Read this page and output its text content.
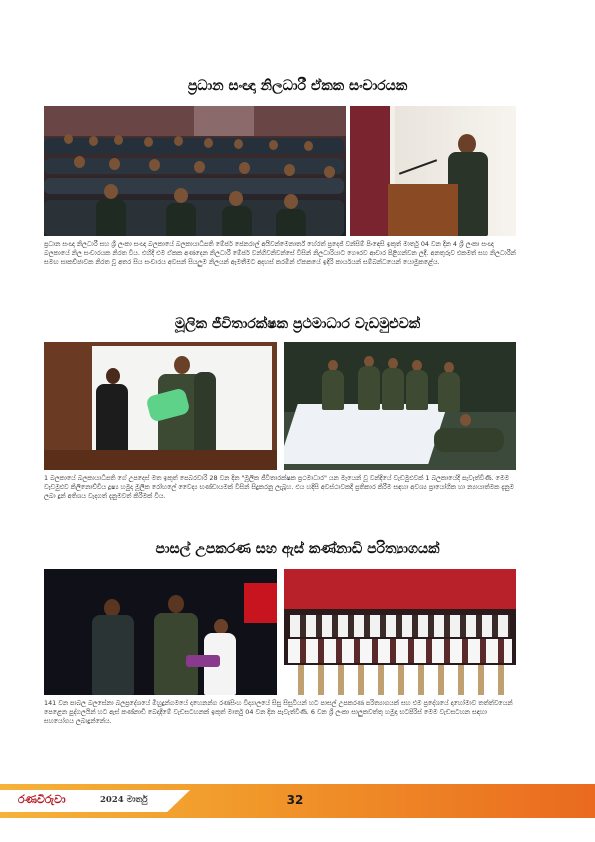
ප්‍රධාන සංඥා නිලධාරී ඒකක සංචාරයක
ප්‍රධාන සංඥා නිලධාරී සහ ශ්‍රී ලංකා සංඥා බලකායේ බලකායාධිපති මේජර් ජෙනරාල් අයිවන්මෙනාර්ත් හේරත් ප්‍රදෙජ් වන්සිම් පිංඳෙසි ඉකුත් මාර්තු 04 වන දින 4 ශ්‍රී ලංකා සංඥා බලකායේ නිල සංචාරයක නිරත විය. එහිදී එම ඒකක අණදෙන නිලධාරී මේජර් වන්ගිවනිවන්සේ විසින් නිලධාරියාට ගෞරව ආචාර පිළිගන්වන ලදී. අනතුරුව එකමත් සහ නිලධාරීන් සමඟ සාකච්ඡාවක නිරත වූ අතර සිය සංචාරය අවසන් සියලුම නිලයන් ඇමතීමට අදහස් කරමින් ඒකකයේ ඉදිරි කාර්යයන් සම්බන්ධයෙන් යොමුකළේය.
මූලික ජීවිතාරක්ෂක ප්‍රථමාධාර වැඩමුළුවක්
1 බලකායේ බලකායාධිපති ගේ උපදෙස් මත ඉකුත් පෙබරවාරි 28 වන දින "මූලික ජීවිතාරක්ෂක ප්‍රථමාධාර" යන මැයෙන් වූ වන්දියේ වැඩමුළුවක් 1 බලකායේදී පැවැත්විණි. මෙම වැඩමුළුව කිලිනොච්චිය දූෂ්‍ය හමුදා මූලික රෝහලේ වෛද්‍ය භණ්ඩායමක් විසින් සිදුකරනු ලැබූහ. එය හදිසි අවස්ථාවකදී ප්‍රතිකාර කිරීම සඳහා අවශ්‍ය ප්‍රායෝගික හා න්‍යායාත්මක දැනුම ලබා දුන් අතිශය වැදගත් දැනුමවත් කිරීමක් විය.
පාසල් උපකරණ සහ ඇස් කණ්නාඩි පරිත්‍යාගයක්
141 වන පාබල බලසේනා බලප්‍රදේශයේ මිහුදුන්ගමයේ දාහෙනන්ග රණසිංහ විද්‍යාලයේ සිසු සිසුවියන් හට පාසල් උපකරණ පරිත්‍යාගයක් සහ එම ප්‍රදේශයේ දාහෝමාව තත්ත්වයෙන් පෙළෙන පුද්ගලයින් හට ඇස් කණ්නාඩි බෙදාදීමේ වැඩසටහනක් ඉකුත් මාර්තු 04 වන දින පැවැත්විණි. 6 වන ශ්‍රී ලංකා සාලුකවත්තු හමුදා භටපිරිස් මෙම වැඩසටහන සඳහා සහයෝගය ලබාදුන්නේය.
රණවිරුවා	2024 මාර්තු	32
